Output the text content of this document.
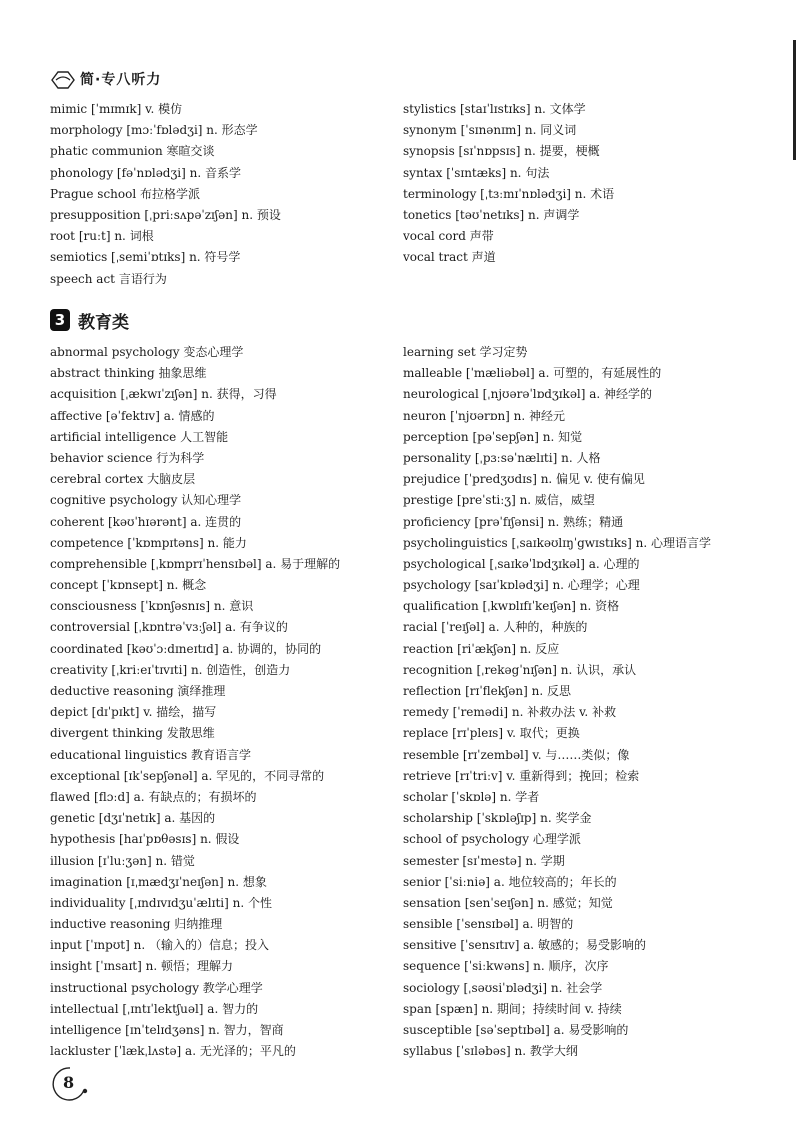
简·专八听力
mimic [ˈmɪmɪk] v. 模仿
morphology [mɔːˈfɒlədʒi] n. 形态学
phatic communion 寒暄交谈
phonology [fəˈnɒlədʒi] n. 音系学
Prague school 布拉格学派
presupposition [ˌpriːsʌpəˈzɪʃən] n. 预设
root [ruːt] n. 词根
semiotics [ˌsemiˈɒtɪks] n. 符号学
speech act 言语行为
stylistics [staɪˈlɪstɪks] n. 文体学
synonym [ˈsɪnənɪm] n. 同义词
synopsis [sɪˈnɒpsɪs] n. 提要，梗概
syntax [ˈsɪntæks] n. 句法
terminology [ˌtɜːmɪˈnɒlədʒi] n. 术语
tonetics [təʊˈnetɪks] n. 声调学
vocal cord 声带
vocal tract 声道
3 教育类
abnormal psychology 变态心理学
abstract thinking 抽象思维
acquisition [ˌækwɪˈzɪʃən] n. 获得，习得
affective [əˈfektɪv] a. 情感的
artificial intelligence 人工智能
behavior science 行为科学
cerebral cortex 大脑皮层
cognitive psychology 认知心理学
coherent [kəʊˈhɪərənt] a. 连贯的
competence [ˈkɒmpɪtəns] n. 能力
comprehensible [ˌkɒmprɪˈhensɪbəl] a. 易于理解的
concept [ˈkɒnsept] n. 概念
consciousness [ˈkɒnʃəsnɪs] n. 意识
controversial [ˌkɒntrəˈvɜːʃəl] a. 有争议的
coordinated [kəʊˈɔːdɪneɪtɪd] a. 协调的，协同的
creativity [ˌkriːeɪˈtɪvɪti] n. 创造性，创造力
deductive reasoning 演绎推理
depict [dɪˈpɪkt] v. 描绘，描写
divergent thinking 发散思维
educational linguistics 教育语言学
exceptional [ɪkˈsepʃənəl] a. 罕见的，不同寻常的
flawed [flɔːd] a. 有缺点的；有损坏的
genetic [dʒɪˈnetɪk] a. 基因的
hypothesis [haɪˈpɒθəsɪs] n. 假设
illusion [ɪˈluːʒən] n. 错觉
imagination [ɪˌmædʒɪˈneɪʃən] n. 想象
individuality [ˌɪndɪvɪdʒuˈælɪti] n. 个性
inductive reasoning 归纳推理
input [ˈɪnpʊt] n. （输入的）信息；投入
insight [ˈɪnsaɪt] n. 顿悟；理解力
instructional psychology 教学心理学
intellectual [ˌɪntɪˈlektʃuəl] a. 智力的
intelligence [ɪnˈtelɪdʒəns] n. 智力，智商
lackluster [ˈlækˌlʌstə] a. 无光泽的；平凡的
learning set 学习定势
malleable [ˈmæliəbəl] a. 可塑的，有延展性的
neurological [ˌnjʊərəˈlɒdʒɪkəl] a. 神经学的
neuron [ˈnjʊərɒn] n. 神经元
perception [pəˈsepʃən] n. 知觉
personality [ˌpɜːsəˈnælɪti] n. 人格
prejudice [ˈpredʒʊdɪs] n. 偏见 v. 使有偏见
prestige [preˈstiːʒ] n. 威信，威望
proficiency [prəˈfɪʃənsi] n. 熟练；精通
psycholinguistics [ˌsaɪkəʊlɪŋˈgwɪstɪks] n. 心理语言学
psychological [ˌsaɪkəˈlɒdʒɪkəl] a. 心理的
psychology [saɪˈkɒlədʒi] n. 心理学；心理
qualification [ˌkwɒlɪfɪˈkeɪʃən] n. 资格
racial [ˈreɪʃəl] a. 人种的，种族的
reaction [riˈækʃən] n. 反应
recognition [ˌrekəgˈnɪʃən] n. 认识，承认
reflection [rɪˈflekʃən] n. 反思
remedy [ˈremədi] n. 补救办法 v. 补救
replace [rɪˈpleɪs] v. 取代；更换
resemble [rɪˈzembəl] v. 与……类似；像
retrieve [rɪˈtriːv] v. 重新得到；挽回；检索
scholar [ˈskɒlə] n. 学者
scholarship [ˈskɒləʃɪp] n. 奖学金
school of psychology 心理学派
semester [sɪˈmestə] n. 学期
senior [ˈsiːniə] a. 地位较高的；年长的
sensation [senˈseɪʃən] n. 感觉；知觉
sensible [ˈsensɪbəl] a. 明智的
sensitive [ˈsensɪtɪv] a. 敏感的；易受影响的
sequence [ˈsiːkwəns] n. 顺序，次序
sociology [ˌsəʊsiˈɒlədʒi] n. 社会学
span [spæn] n. 期间；持续时间 v. 持续
susceptible [səˈseptɪbəl] a. 易受影响的
syllabus [ˈsɪləbəs] n. 教学大纲
8
